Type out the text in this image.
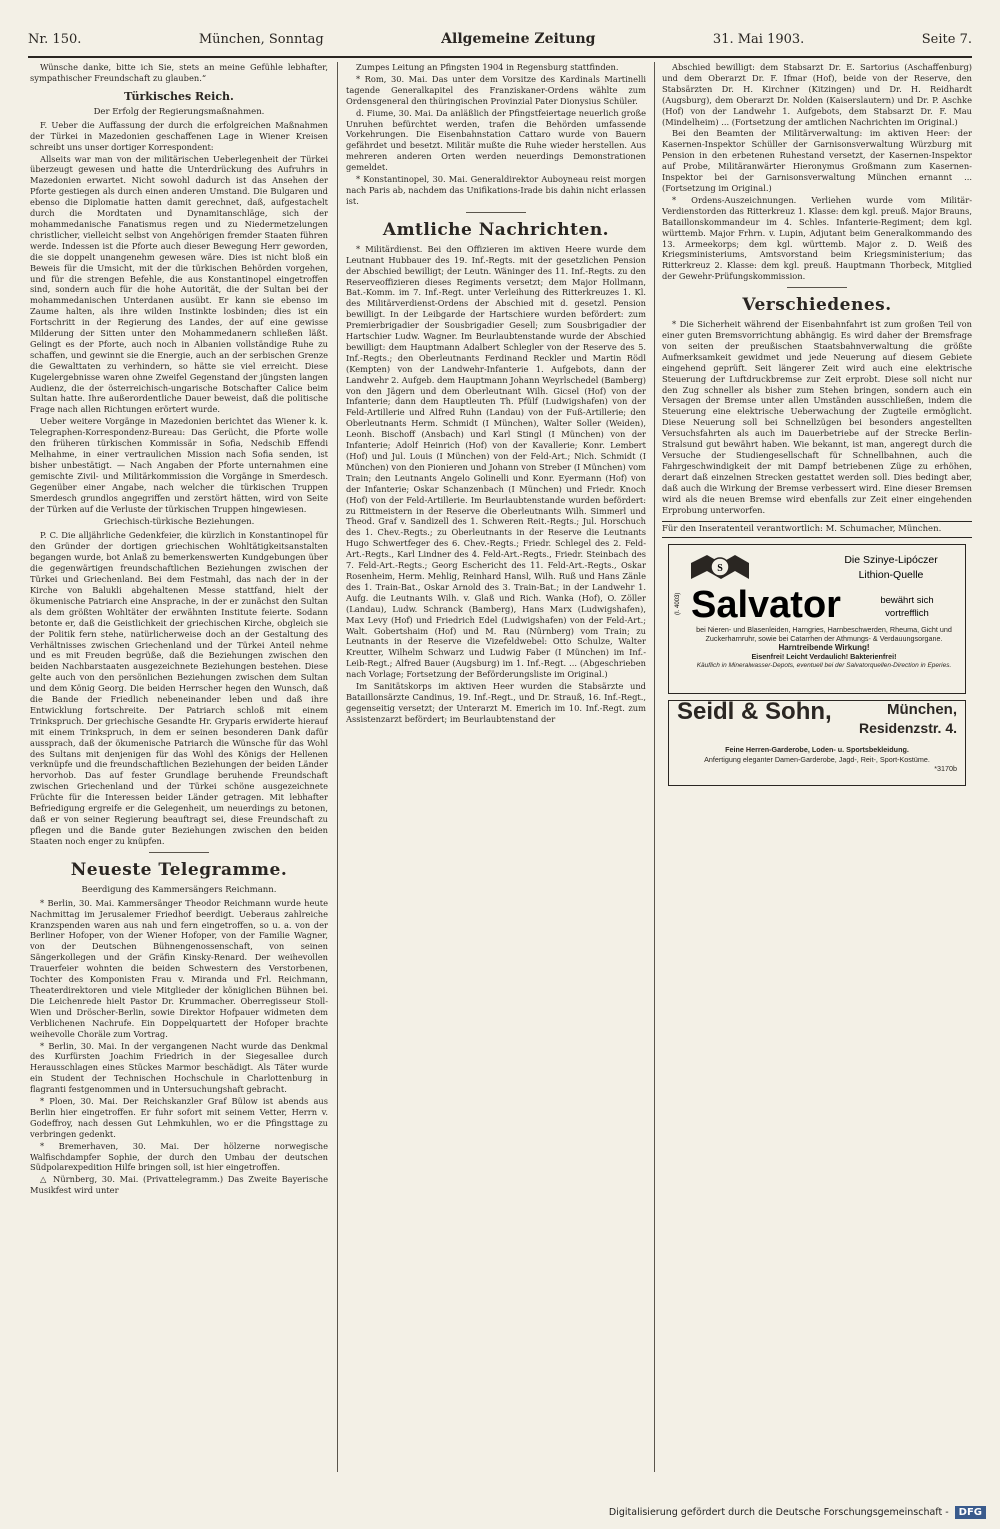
Nr. 150.	München, Sonntag	Allgemeine Zeitung	31. Mai 1903.	Seite 7.

Wünsche danke, bitte ich Sie, stets an meine Gefühle lebhafter, sympathischer Freundschaft zu glauben.“

Türkisches Reich.
Der Erfolg der Regierungsmaßnahmen.

F. Ueber die Auffassung der durch die erfolgreichen Maßnahmen der Türkei in Mazedonien geschaffenen Lage in Wiener Kreisen schreibt uns unser dortiger Korrespondent:

Allseits war man von der militärischen Ueberlegenheit der Türkei überzeugt gewesen und hatte die Unterdrückung des Aufruhrs in Mazedonien erwartet. Nicht sowohl dadurch ist das Ansehen der Pforte gestiegen als durch einen anderen Umstand. Die Bulgaren und ebenso die Diplomatie hatten damit gerechnet, daß, aufgestachelt durch die Mordtaten und Dynamitanschläge, sich der mohammedanische Fanatismus regen und zu Niedermetzelungen christlicher, vielleicht selbst von Angehörigen fremder Staaten führen werde. Indessen ist die Pforte auch dieser Bewegung Herr geworden, die sie doppelt unangenehm gewesen wäre. Dies ist nicht bloß ein Beweis für die Umsicht, mit der die türkischen Behörden vorgehen, und für die strengen Befehle, die aus Konstantinopel eingetroffen sind, sondern auch für die hohe Autorität, die der Sultan bei der mohammedanischen Unterdanen ausübt. Er kann sie ebenso im Zaume halten, als ihre wilden Instinkte losbinden; dies ist ein Fortschritt in der Regierung des Landes, der auf eine gewisse Milderung der Sitten unter den Mohammedanern schließen läßt. Gelingt es der Pforte, auch noch in Albanien vollständige Ruhe zu schaffen, und gewinnt sie die Energie, auch an der serbischen Grenze die Gewalttaten zu verhindern, so hätte sie viel erreicht. Diese Kugelergebnisse waren ohne Zweifel Gegenstand der jüngsten langen Audienz, die der österreichisch-ungarische Botschafter Calice beim Sultan hatte. Ihre außerordentliche Dauer beweist, daß die politische Frage nach allen Richtungen erörtert wurde.

Ueber weitere Vorgänge in Mazedonien berichtet das Wiener k. k. Telegraphen-Korrespondenz-Bureau: Das Gerücht, die Pforte wolle den früheren türkischen Kommissär in Sofia, Nedschib Effendi Melhahme, in einer vertraulichen Mission nach Sofia senden, ist bisher unbestätigt. — Nach Angaben der Pforte unternahmen eine gemischte Zivil- und Militärkommission die Vorgänge in Smerdesch. Gegenüber einer Angabe, nach welcher die türkischen Truppen Smerdesch grundlos angegriffen und zerstört hätten, wird von Seite der Türken auf die Verluste der türkischen Truppen hingewiesen.

Griechisch-türkische Beziehungen.

P. C. Die alljährliche Gedenkfeier, die kürzlich in Konstantinopel für den Gründer der dortigen griechischen Wohltätigkeitsanstalten begangen wurde, bot Anlaß zu bemerkenswerten Kundgebungen über die gegenwärtigen freundschaftlichen Beziehungen zwischen der Türkei und Griechenland. Bei dem Festmahl, das nach der in der Kirche von Balukli abgehaltenen Messe stattfand, hielt der ökumenische Patriarch eine Ansprache, in der er zunächst den Sultan als dem größten Wohltäter der erwähnten Institute feierte. Sodann betonte er, daß die Geistlichkeit der griechischen Kirche, obgleich sie der Politik fern stehe, natürlicherweise doch an der Gestaltung des Verhältnisses zwischen Griechenland und der Türkei Anteil nehme und es mit Freuden begrüße, daß die Beziehungen zwischen den beiden Nachbarstaaten ausgezeichnete Beziehungen bestehen. Diese gelte auch von den persönlichen Beziehungen zwischen dem Sultan und dem König Georg. Die beiden Herrscher hegen den Wunsch, daß die Bande der Friedlich nebeneinander leben und daß ihre Entwicklung fortschreite. Der Patriarch schloß mit einem Trinkspruch. Der griechische Gesandte Hr. Gryparis erwiderte hierauf mit einem Trinkspruch, in dem er seinen besonderen Dank dafür aussprach, daß der ökumenische Patriarch die Wünsche für das Wohl des Sultans mit denjenigen für das Wohl des Königs der Hellenen verknüpfe und die freundschaftlichen Beziehungen der beiden Länder hervorhob. Das auf fester Grundlage beruhende Freundschaft zwischen Griechenland und der Türkei schöne ausgezeichnete Früchte für die Interessen beider Länder getragen. Mit lebhafter Befriedigung ergreife er die Gelegenheit, um neuerdings zu betonen, daß er von seiner Regierung beauftragt sei, diese Freundschaft zu pflegen und die Bande guter Beziehungen zwischen den beiden Staaten noch enger zu knüpfen.

Neueste Telegramme.
Beerdigung des Kammersängers Reichmann.

* Berlin, 30. Mai. Kammersänger Theodor Reichmann wurde heute Nachmittag im Jerusalemer Friedhof beerdigt. Ueberaus zahlreiche Kranzspenden waren aus nah und fern eingetroffen, so u. a. von der Berliner Hofoper, von der Wiener Hofoper, von der Familie Wagner, von der Deutschen Bühnengenossenschaft, von seinen Sängerkollegen und der Gräfin Kinsky-Renard. Der weihevollen Trauerfeier wohnten die beiden Schwestern des Verstorbenen, Tochter des Komponisten Frau v. Miranda und Frl. Reichmann, Theaterdirektoren und viele Mitglieder der königlichen Bühnen bei. Die Leichenrede hielt Pastor Dr. Krummacher. Oberregisseur Stoll-Wien und Dröscher-Berlin, sowie Direktor Hofpauer widmeten dem Verblichenen Nachrufe. Ein Doppelquartett der Hofoper brachte weihevolle Choräle zum Vortrag.

* Berlin, 30. Mai. In der vergangenen Nacht wurde das Denkmal des Kurfürsten Joachim Friedrich in der Siegesallee durch Herausschlagen eines Stückes Marmor beschädigt. Als Täter wurde ein Student der Technischen Hochschule in Charlottenburg in flagranti festgenommen und in Untersuchungshaft gebracht.

* Ploen, 30. Mai. Der Reichskanzler Graf Bülow ist abends aus Berlin hier eingetroffen. Er fuhr sofort mit seinem Vetter, Herrn v. Godeffroy, nach dessen Gut Lehmkuhlen, wo er die Pfingsttage zu verbringen gedenkt.

* Bremerhaven, 30. Mai. Der hölzerne norwegische Walfischdampfer Sophie, der durch den Umbau der deutschen Südpolarexpedition Hilfe bringen soll, ist hier eingetroffen.

△ Nürnberg, 30. Mai. (Privattelegramm.) Das Zweite Bayerische Musikfest wird unter

Zumpes Leitung an Pfingsten 1904 in Regensburg stattfinden.

* Rom, 30. Mai. Das unter dem Vorsitze des Kardinals Martinelli tagende Generalkapitel des Franziskaner-Ordens wählte zum Ordensgeneral den thüringischen Provinzial Pater Dionysius Schüler.

d. Fiume, 30. Mai. Da anläßlich der Pfingstfeiertage neuerlich große Unruhen befürchtet werden, trafen die Behörden umfassende Vorkehrungen. Die Eisenbahnstation Cattaro wurde von Bauern gefährdet und besetzt. Militär mußte die Ruhe wieder herstellen. Aus mehreren anderen Orten werden neuerdings Demonstrationen gemeldet.

* Konstantinopel, 30. Mai. Generaldirektor Auboyneau reist morgen nach Paris ab, nachdem das Unifikations-Irade bis dahin nicht erlassen ist.

Amtliche Nachrichten.

* Militärdienst. Bei den Offizieren im aktiven Heere wurde dem Leutnant Hubbauer des 19. Inf.-Regts. mit der gesetzlichen Pension der Abschied bewilligt; der Leutn. Wäninger des 11. Inf.-Regts. zu den Reserveoffizieren dieses Regiments versetzt; dem Major Hollmann, Bat.-Komm. im 7. Inf.-Regt. unter Verleihung des Ritterkreuzes 1. Kl. des Militärverdienst-Ordens der Abschied mit d. gesetzl. Pension bewilligt. In der Leibgarde der Hartschiere wurden befördert: zum Premierbrigadier der Sousbrigadier Gesell; zum Sousbrigadier der Hartschier Ludw. Wagner. Im Beurlaubtenstande wurde der Abschied bewilligt: dem Hauptmann Adalbert Schlegler von der Reserve des 5. Inf.-Regts.; den Oberleutnants Ferdinand Reckler und Martin Rödl (Kempten) von der Landwehr-Infanterie 1. Aufgebots, dann der Landwehr 2. Aufgeb. dem Hauptmann Johann Weyrlschedel (Bamberg) von den Jägern und dem Oberleutnant Wilh. Gicsel (Hof) von der Infanterie; dann dem Hauptleuten Th. Pfülf (Ludwigshafen) von der Feld-Artillerie und Alfred Ruhn (Landau) von der Fuß-Artillerie; den Oberleutnants Herm. Schmidt (I München), Walter Soller (Weiden), Leonh. Bischoff (Ansbach) und Karl Stingl (I München) von der Infanterie; Adolf Heinrich (Hof) von der Kavallerie; Konr. Lembert (Hof) und Jul. Louis (I München) von der Feld-Art.; Nich. Schmidt (I München) von den Pionieren und Johann von Streber (I München) vom Train; den Leutnants Angelo Golinelli und Konr. Eyermann (Hof) von der Infanterie; Oskar Schanzenbach (I München) und Friedr. Knoch (Hof) von der Feld-Artillerie. Im Beurlaubtenstande wurden befördert: zu Rittmeistern in der Reserve die Oberleutnants Wilh. Simmerl und Theod. Graf v. Sandizell des 1. Schweren Reit.-Regts.; Jul. Horschuch des 1. Chev.-Regts.; zu Oberleutnants in der Reserve die Leutnants Hugo Schwertfeger des 6. Chev.-Regts.; Friedr. Schlegel des 2. Feld-Art.-Regts., Karl Lindner des 4. Feld-Art.-Regts., Friedr. Steinbach des 7. Feld-Art.-Regts.; Georg Eschericht des 11. Feld-Art.-Regts., Oskar Rosenheim, Herm. Mehlig, Reinhard Hansl, Wilh. Ruß und Hans Zänle des 1. Train-Bat., Oskar Arnold des 3. Train-Bat.; in der Landwehr 1. Aufg. die Leutnants Wilh. v. Glaß und Rich. Wanka (Hof), O. Zöller (Landau), Ludw. Schranck (Bamberg), Hans Marx (Ludwigshafen), Max Levy (Hof) und Friedrich Edel (Ludwigshafen) von der Feld-Art.; Walt. Gobertshaim (Hof) und M. Rau (Nürnberg) vom Train; zu Leutnants in der Reserve die Vizefeldwebel: Otto Schulze, Walter Kreutter, Wilhelm Schwarz und Ludwig Faber (I München) im Inf.-Leib-Regt.; Alfred Bauer (Augsburg) im 1. Inf.-Regt. ... (Abgeschrieben nach Vorlage; Fortsetzung der Beförderungsliste im Original.)

Im Sanitätskorps im aktiven Heer wurden die Stabsärzte und Bataillonsärzte Candinus, 19. Inf.-Regt., und Dr. Strauß, 16. Inf.-Regt., gegenseitig versetzt; der Unterarzt M. Emerich im 10. Inf.-Regt. zum Assistenzarzt befördert; im Beurlaubtenstand der

Abschied bewilligt: dem Stabsarzt Dr. E. Sartorius (Aschaffenburg) und dem Oberarzt Dr. F. Ifmar (Hof), beide von der Reserve, den Stabsärzten Dr. H. Kirchner (Kitzingen) und Dr. H. Reidhardt (Augsburg), dem Oberarzt Dr. Nolden (Kaiserslautern) und Dr. P. Aschke (Hof) von der Landwehr 1. Aufgebots, dem Stabsarzt Dr. F. Mau (Mindelheim) ... (Fortsetzung der amtlichen Nachrichten im Original.)

Bei den Beamten der Militärverwaltung: im aktiven Heer: der Kasernen-Inspektor Schüller der Garnisonsverwaltung Würzburg mit Pension in den erbetenen Ruhestand versetzt, der Kasernen-Inspektor auf Probe, Militäranwärter Hieronymus Großmann zum Kasernen-Inspektor bei der Garnisonsverwaltung München ernannt ... (Fortsetzung im Original.)

* Ordens-Auszeichnungen. Verliehen wurde vom Militär-Verdienstorden das Ritterkreuz 1. Klasse: dem kgl. preuß. Major Brauns, Bataillonskommandeur im 4. Schles. Infanterie-Regiment; dem kgl. württemb. Major Frhrn. v. Lupin, Adjutant beim Generalkommando des 13. Armeekorps; dem kgl. württemb. Major z. D. Weiß des Kriegsministeriums, Amtsvorstand beim Kriegsministerium; das Ritterkreuz 2. Klasse: dem kgl. preuß. Hauptmann Thorbeck, Mitglied der Gewehr-Prüfungskommission.

Verschiedenes.

* Die Sicherheit während der Eisenbahnfahrt ist zum großen Teil von einer guten Bremsvorrichtung abhängig. Es wird daher der Bremsfrage von seiten der preußischen Staatsbahnverwaltung die größte Aufmerksamkeit gewidmet und jede Neuerung auf diesem Gebiete eingehend geprüft. Seit längerer Zeit wird auch eine elektrische Steuerung der Luftdruckbremse zur Zeit erprobt. Diese soll nicht nur den Zug schneller als bisher zum Stehen bringen, sondern auch ein Versagen der Bremse unter allen Umständen ausschließen, indem die Steuerung eine elektrische Ueberwachung der Zugteile ermöglicht. Diese Neuerung soll bei Schnellzügen bei besonders angestellten Versuchsfahrten als auch im Dauerbetriebe auf der Strecke Berlin-Stralsund gut bewährt haben. Wie bekannt, ist man, angeregt durch die Versuche der Studiengesellschaft für Schnellbahnen, auch die Fahrgeschwindigkeit der mit Dampf betriebenen Züge zu erhöhen, derart daß einzelnen Strecken gestattet werden soll. Dies bedingt aber, daß auch die Wirkung der Bremse verbessert wird. Eine dieser Bremsen wird als die neuen Bremse wird ebenfalls zur Zeit einer eingehenden Erprobung unterworfen.

Für den Inseratenteil verantwortlich: M. Schumacher, München.
S
Die Szinye-Lipóczer
Lithion-Quelle
Salvator	bewährt sich
vortrefflich
(I. 4003)
bei Nieren- und Blasenleiden, Harngries, Harnbeschwerden, Rheuma, Gicht und Zuckerharnruhr, sowie bei Catarrhen der Athmungs- & Verdauungsorgane.
Harntreibende Wirkung!
Eisenfrei! Leicht Verdaulich! Bakterienfrei!
Käuflich in Mineralwasser-Depots, eventuell bei der Salvatorquellen-Direction in Eperies.
Seidl & Sohn,	München,
Residenzstr. 4.
Feine Herren-Garderobe, Loden- u. Sportsbekleidung.
Anfertigung eleganter Damen-Garderobe, Jagd-, Reit-, Sport-Kostüme.
*3170b
Digitalisierung gefördert durch die Deutsche Forschungsgemeinschaft -	DFG
